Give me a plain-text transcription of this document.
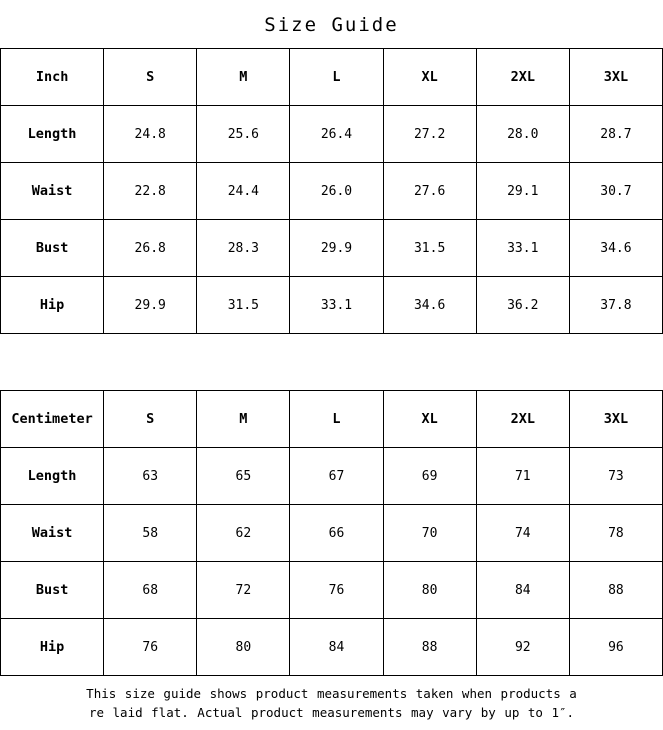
Size Guide
Inch	S	M	L	XL	2XL	3XL
Length	24.8	25.6	26.4	27.2	28.0	28.7
Waist	22.8	24.4	26.0	27.6	29.1	30.7
Bust	26.8	28.3	29.9	31.5	33.1	34.6
Hip	29.9	31.5	33.1	34.6	36.2	37.8
Centimeter	S	M	L	XL	2XL	3XL
Length	63	65	67	69	71	73
Waist	58	62	66	70	74	78
Bust	68	72	76	80	84	88
Hip	76	80	84	88	92	96
This size guide shows product measurements taken when products a
re laid flat. Actual product measurements may vary by up to 1″.
